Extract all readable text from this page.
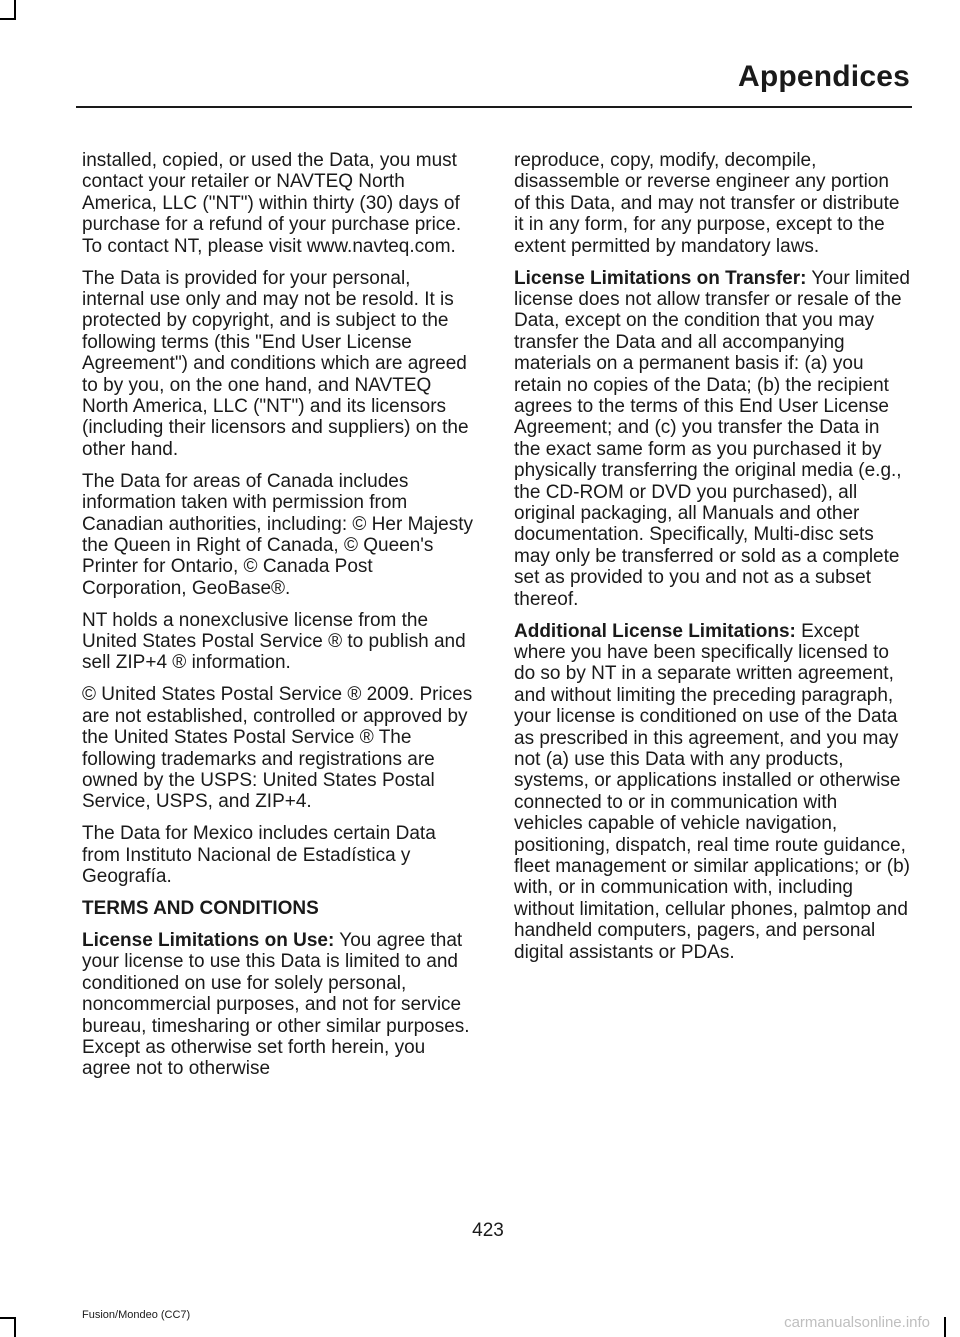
Appendices

installed, copied, or used the Data, you must contact your retailer or NAVTEQ North America, LLC ("NT") within thirty (30) days of purchase for a refund of your purchase price. To contact NT, please visit www.navteq.com.

The Data is provided for your personal, internal use only and may not be resold. It is protected by copyright, and is subject to the following terms (this "End User License Agreement") and conditions which are agreed to by you, on the one hand, and NAVTEQ North America, LLC ("NT") and its licensors (including their licensors and suppliers) on the other hand.

The Data for areas of Canada includes information taken with permission from Canadian authorities, including: © Her Majesty the Queen in Right of Canada, © Queen's Printer for Ontario, © Canada Post Corporation, GeoBase®.

NT holds a nonexclusive license from the United States Postal Service ® to publish and sell ZIP+4 ® information.

© United States Postal Service ® 2009. Prices are not established, controlled or approved by the United States Postal Service ® The following trademarks and registrations are owned by the USPS: United States Postal Service, USPS, and ZIP+4.

The Data for Mexico includes certain Data from Instituto Nacional de Estadística y Geografía.

TERMS AND CONDITIONS

License Limitations on Use: You agree that your license to use this Data is limited to and conditioned on use for solely personal, noncommercial purposes, and not for service bureau, timesharing or other similar purposes. Except as otherwise set forth herein, you agree not to otherwise

reproduce, copy, modify, decompile, disassemble or reverse engineer any portion of this Data, and may not transfer or distribute it in any form, for any purpose, except to the extent permitted by mandatory laws.

License Limitations on Transfer: Your limited license does not allow transfer or resale of the Data, except on the condition that you may transfer the Data and all accompanying materials on a permanent basis if: (a) you retain no copies of the Data; (b) the recipient agrees to the terms of this End User License Agreement; and (c) you transfer the Data in the exact same form as you purchased it by physically transferring the original media (e.g., the CD-ROM or DVD you purchased), all original packaging, all Manuals and other documentation. Specifically, Multi-disc sets may only be transferred or sold as a complete set as provided to you and not as a subset thereof.

Additional License Limitations: Except where you have been specifically licensed to do so by NT in a separate written agreement, and without limiting the preceding paragraph, your license is conditioned on use of the Data as prescribed in this agreement, and you may not (a) use this Data with any products, systems, or applications installed or otherwise connected to or in communication with vehicles capable of vehicle navigation, positioning, dispatch, real time route guidance, fleet management or similar applications; or (b) with, or in communication with, including without limitation, cellular phones, palmtop and handheld computers, pagers, and personal digital assistants or PDAs.

423
Fusion/Mondeo (CC7)	carmanualsonline.info
